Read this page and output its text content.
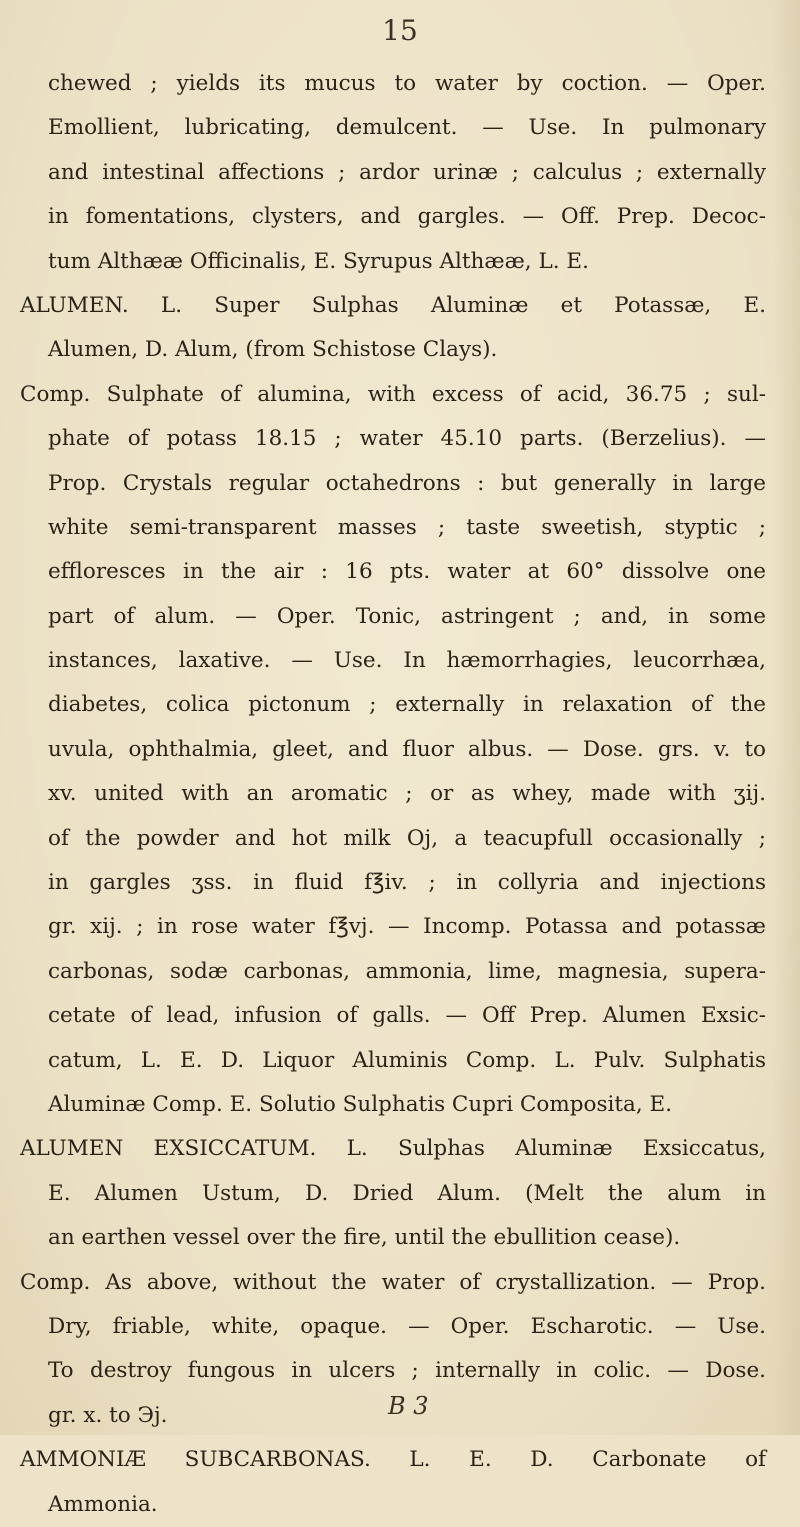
15
chewed ; yields its mucus to water by coction. — Oper.
Emollient, lubricating, demulcent. — Use. In pulmonary
and intestinal affections ; ardor urinæ ; calculus ; externally
in fomentations, clysters, and gargles. — Off. Prep. Decoc-
tum Althææ Officinalis, E. Syrupus Althææ, L. E.
ALUMEN. L. Super Sulphas Aluminæ et Potassæ, E.
Alumen, D. Alum, (from Schistose Clays).
Comp. Sulphate of alumina, with excess of acid, 36.75 ; sul-
phate of potass 18.15 ; water 45.10 parts. (Berzelius). —
Prop. Crystals regular octahedrons : but generally in large
white semi-transparent masses ; taste sweetish, styptic ;
effloresces in the air : 16 pts. water at 60° dissolve one
part of alum. — Oper. Tonic, astringent ; and, in some
instances, laxative. — Use. In hæmorrhagies, leucorrhæa,
diabetes, colica pictonum ; externally in relaxation of the
uvula, ophthalmia, gleet, and fluor albus. — Dose. grs. v. to
xv. united with an aromatic ; or as whey, made with ʒij.
of the powder and hot milk Oj, a teacupfull occasionally ;
in gargles ʒss. in fluid f℥iv. ; in collyria and injections
gr. xij. ; in rose water f℥vj. — Incomp. Potassa and potassæ
carbonas, sodæ carbonas, ammonia, lime, magnesia, supera-
cetate of lead, infusion of galls. — Off Prep. Alumen Exsic-
catum, L. E. D. Liquor Aluminis Comp. L. Pulv. Sulphatis
Aluminæ Comp. E. Solutio Sulphatis Cupri Composita, E.
ALUMEN EXSICCATUM. L. Sulphas Aluminæ Exsiccatus,
E. Alumen Ustum, D. Dried Alum. (Melt the alum in
an earthen vessel over the fire, until the ebullition cease).
Comp. As above, without the water of crystallization. — Prop.
Dry, friable, white, opaque. — Oper. Escharotic. — Use.
To destroy fungous in ulcers ; internally in colic. — Dose.
gr. x. to Эj.
AMMONIÆ SUBCARBONAS. L. E. D. Carbonate of
Ammonia.
B 3
